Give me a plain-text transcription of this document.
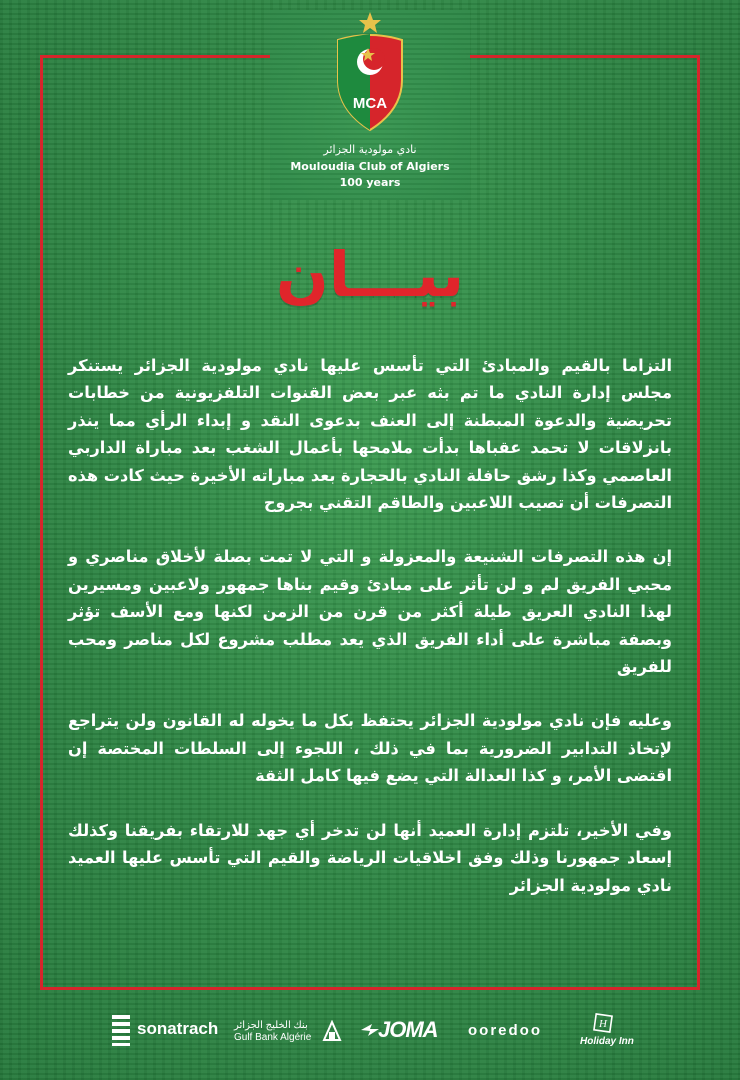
MCA
نادي مولودية الجزائر
Mouloudia Club of Algiers
100 years
بيـــان

التزاما بالقيم والمبادئ التي تأسس عليها نادي مولودية الجزائر يستنكر مجلس إدارة النادي ما تم بثه عبر بعض القنوات التلفزيونية من خطابات تحريضية والدعوة المبطنة إلى العنف بدعوى النقد و إبداء الرأي مما ينذر بانزلاقات لا تحمد عقباها بدأت ملامحها بأعمال الشغب بعد مباراة الداربي العاصمي وكذا رشق حافلة النادي بالحجارة بعد مباراته الأخيرة حيث كادت هذه التصرفات أن تصيب اللاعبين والطاقم التقني بجروح

إن هذه التصرفات الشنيعة والمعزولة و التي لا تمت بصلة لأخلاق مناصري و محبي الفريق لم و لن تأثر على مبادئ وقيم بناها جمهور ولاعبين ومسيرين لهذا النادي العريق طيلة أكثر من قرن من الزمن لكنها ومع الأسف تؤثر وبصفة مباشرة على أداء الفريق الذي يعد مطلب مشروع لكل مناصر ومحب للفريق

وعليه فإن نادي مولودية الجزائر يحتفظ بكل ما يخوله له القانون ولن يتراجع لإتخاذ التدابير الضرورية بما في ذلك ، اللجوء إلى السلطات المختصة إن اقتضى الأمر، و كذا العدالة التي يضع فيها كامل الثقة

وفي الأخير، تلتزم إدارة العميد أنها لن تدخر أي جهد للارتقاء بفريقنا وكذلك إسعاد جمهورنا وذلك وفق اخلاقيات الرياضة والقيم التي تأسس عليها العميد نادي مولودية الجزائر

sonatrach بنك الخليج الجزائر
Gulf Bank Algérie	JOMA ooredoo	H
Holiday Inn
